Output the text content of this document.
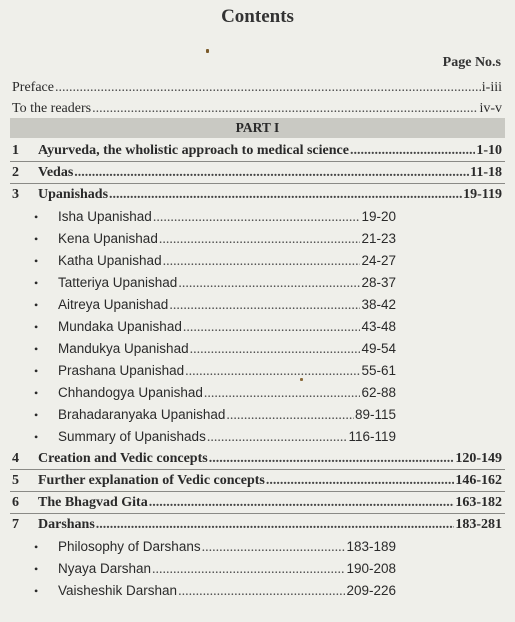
Contents
Page No.s
Preface .....	i-iii
To the readers .....	iv-v
PART I
1	Ayurveda, the wholistic approach to medical science .....	1-10
2	Vedas .....	11-18
3	Upanishads .....	19-119
•	Isha Upanishad .....	19-20
•	Kena Upanishad .....	21-23
•	Katha Upanishad .....	24-27
•	Tatteriya Upanishad .....	28-37
•	Aitreya Upanishad .....	38-42
•	Mundaka Upanishad .....	43-48
•	Mandukya Upanishad .....	49-54
•	Prashana Upanishad .....	55-61
•	Chhandogya Upanishad .....	62-88
•	Brahadaranyaka Upanishad .....	89-115
•	Summary of Upanishads .....	116-119
4	Creation and Vedic concepts .....	120-149
5	Further explanation of Vedic concepts .....	146-162
6	The Bhagvad Gita .....	163-182
7	Darshans .....	183-281
•	Philosophy of Darshans .....	183-189
•	Nyaya Darshan .....	190-208
•	Vaisheshik Darshan .....	209-226
